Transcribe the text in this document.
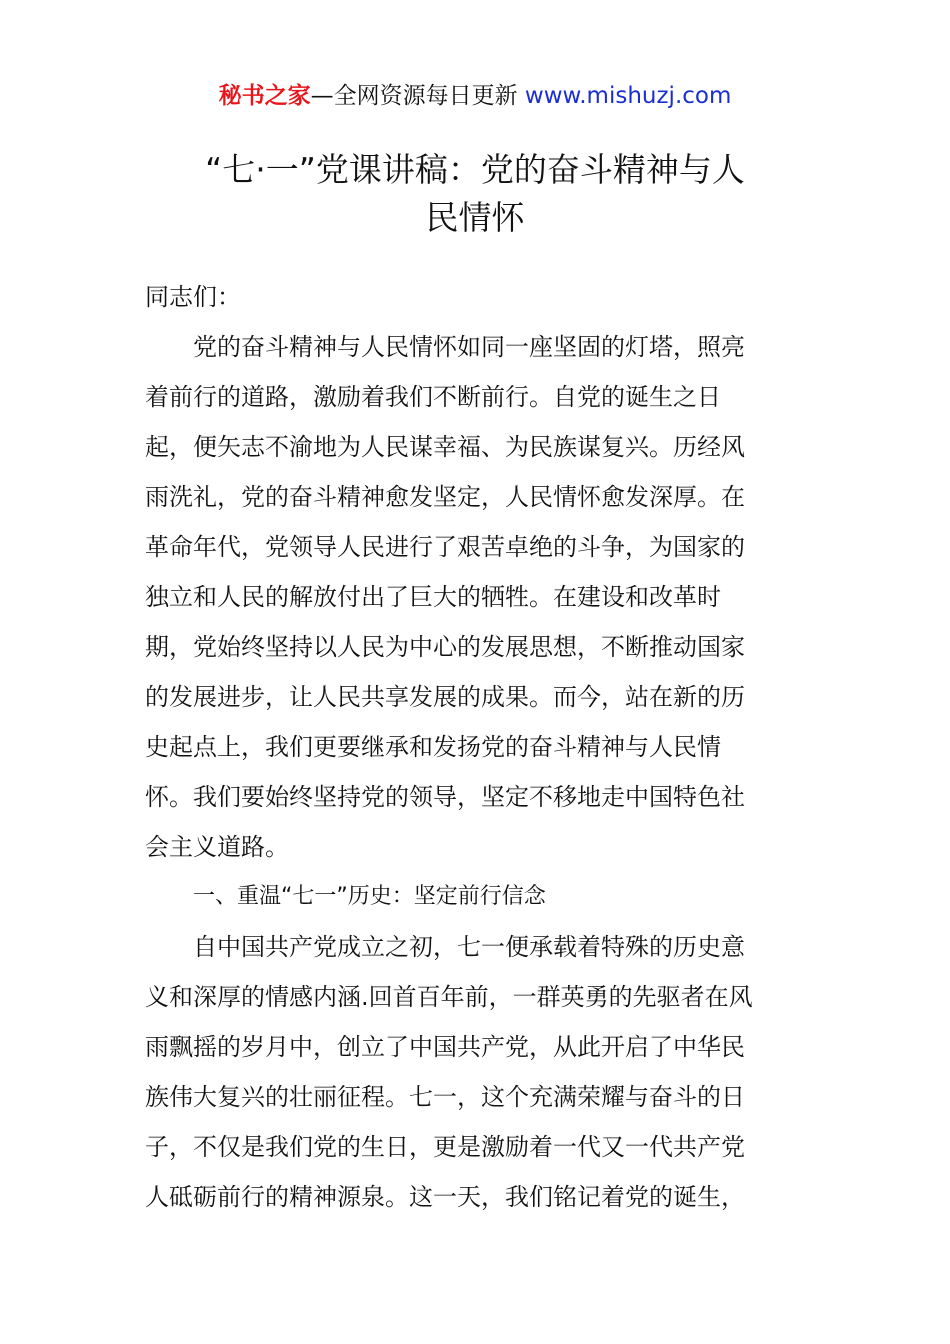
秘书之家—全网资源每日更新 www.mishuzj.com
“七·一”党课讲稿：党的奋斗精神与人
民情怀

同志们：

党的奋斗精神与人民情怀如同一座坚固的灯塔，照亮
着前行的道路，激励着我们不断前行。自党的诞生之日
起，便矢志不渝地为人民谋幸福、为民族谋复兴。历经风
雨洗礼，党的奋斗精神愈发坚定，人民情怀愈发深厚。在
革命年代，党领导人民进行了艰苦卓绝的斗争，为国家的
独立和人民的解放付出了巨大的牺牲。在建设和改革时
期，党始终坚持以人民为中心的发展思想，不断推动国家
的发展进步，让人民共享发展的成果。而今，站在新的历
史起点上，我们更要继承和发扬党的奋斗精神与人民情
怀。我们要始终坚持党的领导，坚定不移地走中国特色社
会主义道路。

一、重温“七一”历史：坚定前行信念

自中国共产党成立之初，七一便承载着特殊的历史意
义和深厚的情感内涵.回首百年前，一群英勇的先驱者在风
雨飘摇的岁月中，创立了中国共产党，从此开启了中华民
族伟大复兴的壮丽征程。七一，这个充满荣耀与奋斗的日
子，不仅是我们党的生日，更是激励着一代又一代共产党
人砥砺前行的精神源泉。这一天，我们铭记着党的诞生，
